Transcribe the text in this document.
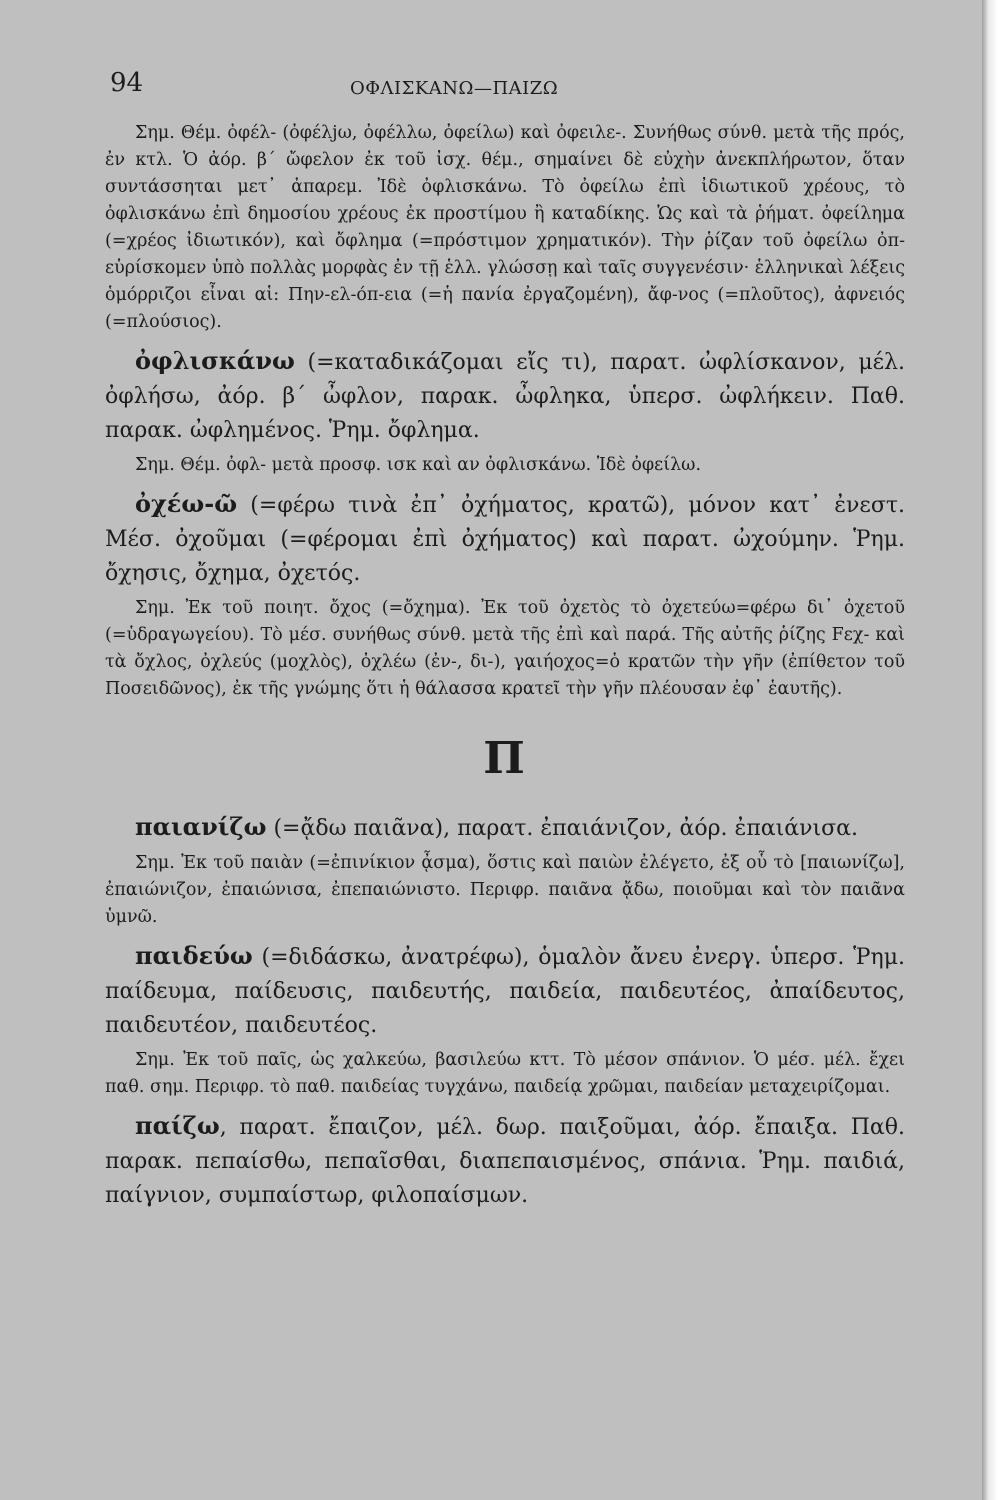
94	ΟΦΛΙΣΚΑΝΩ—ΠΑΙΖΩ

Σημ. Θέμ. ὀφέλ- (ὀφέλjω, ὀφέλλω, ὀφείλω) καὶ ὀφειλε-. Συνήθως σύνθ. μετὰ τῆς πρός, ἐν κτλ. Ὁ ἀόρ. β΄ ὤφελον ἐκ τοῦ ἰσχ. θέμ., σημαίνει δὲ εὐχὴν ἀνεκπλήρωτον, ὅταν συντάσσηται μετ᾽ ἀπαρεμ. Ἰδὲ ὀφλισκάνω. Τὸ ὀφείλω ἐπὶ ἰδιωτικοῦ χρέους, τὸ ὀφλισκάνω ἐπὶ δημοσίου χρέους ἐκ προστίμου ἢ καταδίκης. Ὡς καὶ τὰ ῥήματ. ὀφείλημα (=χρέος ἰδιωτικόν), καὶ ὄφλημα (=πρόστιμον χρηματικόν). Τὴν ῥίζαν τοῦ ὀφείλω ὀπ- εὑρίσκομεν ὑπὸ πολλὰς μορφὰς ἐν τῇ ἑλλ. γλώσσῃ καὶ ταῖς συγγενέσιν· ἑλληνικαὶ λέξεις ὁμόρριζοι εἶναι αἱ: Πην-ελ-όπ-εια (=ἡ πανία ἐργαζομένη), ἄφ-νος (=πλοῦτος), ἀφνειός (=πλούσιος).

ὀφλισκάνω (=καταδικάζομαι εἴς τι), παρατ. ὠφλίσκανον, μέλ. ὀφλήσω, ἀόρ. β΄ ὦφλον, παρακ. ὦφληκα, ὑπερσ. ὠφλήκειν. Παθ. παρακ. ὠφλημένος. Ῥημ. ὄφλημα.

Σημ. Θέμ. ὀφλ- μετὰ προσφ. ισκ καὶ αν ὀφλισκάνω. Ἰδὲ ὀφείλω.

ὀχέω-ῶ (=φέρω τινὰ ἐπ᾽ ὀχήματος, κρατῶ), μόνον κατ᾽ ἐνεστ. Μέσ. ὀχοῦμαι (=φέρομαι ἐπὶ ὀχήματος) καὶ παρατ. ὠχούμην. Ῥημ. ὄχησις, ὄχημα, ὀχετός.

Σημ. Ἐκ τοῦ ποιητ. ὄχος (=ὄχημα). Ἐκ τοῦ ὀχετὸς τὸ ὀχετεύω=φέρω δι᾽ ὀχετοῦ (=ὑδραγωγείου). Τὸ μέσ. συνήθως σύνθ. μετὰ τῆς ἐπὶ καὶ παρά. Τῆς αὐτῆς ῥίζης Fεχ- καὶ τὰ ὄχλος, ὀχλεύς (μοχλὸς), ὀχλέω (ἐν-, δι-), γαιήοχος=ὁ κρατῶν τὴν γῆν (ἐπίθετον τοῦ Ποσειδῶνος), ἐκ τῆς γνώμης ὅτι ἡ θάλασσα κρατεῖ τὴν γῆν πλέουσαν ἐφ᾽ ἑαυτῆς).

Π
παιανίζω (=ᾄδω παιᾶνα), παρατ. ἐπαιάνιζον, ἀόρ. ἐπαιάνισα.

Σημ. Ἐκ τοῦ παιὰν (=ἐπινίκιον ᾆσμα), ὅστις καὶ παιὼν ἐλέγετο, ἐξ οὗ τὸ [παιωνίζω], ἐπαιώνιζον, ἐπαιώνισα, ἐπεπαιώνιστο. Περιφρ. παιᾶνα ᾄδω, ποιοῦμαι καὶ τὸν παιᾶνα ὑμνῶ.

παιδεύω (=διδάσκω, ἀνατρέφω), ὁμαλὸν ἄνευ ἐνεργ. ὑπερσ. Ῥημ. παίδευμα, παίδευσις, παιδευτής, παιδεία, παιδευτέος, ἀπαίδευτος, παιδευτέον, παιδευτέος.

Σημ. Ἐκ τοῦ παῖς, ὡς χαλκεύω, βασιλεύω κττ. Τὸ μέσον σπάνιον. Ὁ μέσ. μέλ. ἔχει παθ. σημ. Περιφρ. τὸ παθ. παιδείας τυγχάνω, παιδείᾳ χρῶμαι, παιδείαν μεταχειρίζομαι.

παίζω, παρατ. ἔπαιζον, μέλ. δωρ. παιξοῦμαι, ἀόρ. ἔπαιξα. Παθ. παρακ. πεπαίσθω, πεπαῖσθαι, διαπεπαισμένος, σπάνια. Ῥημ. παιδιά, παίγνιον, συμπαίστωρ, φιλοπαίσμων.
